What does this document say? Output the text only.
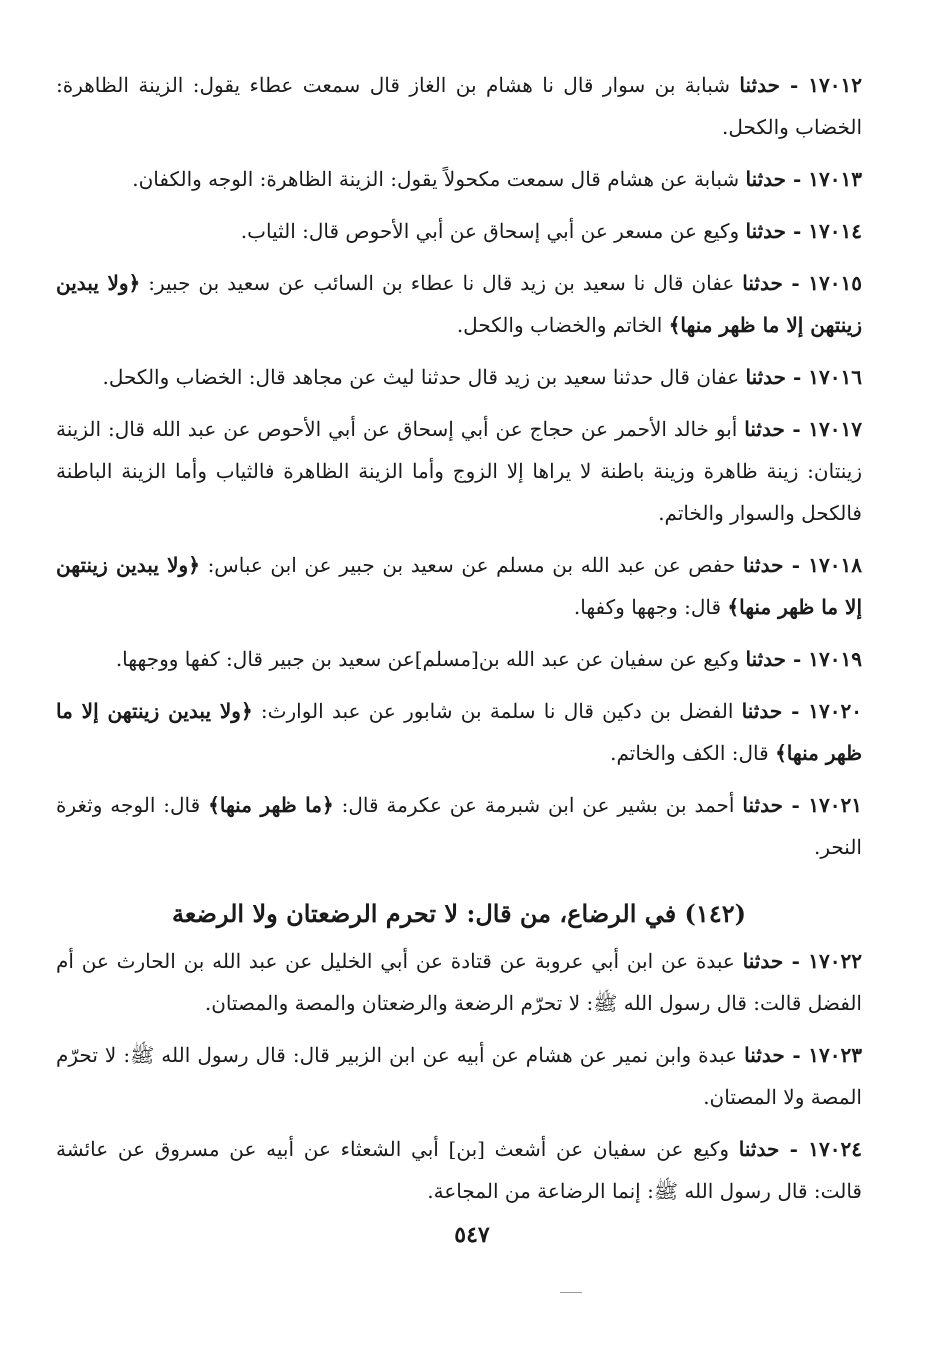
١٧٠١٢ - حدثنا شبابة بن سوار قال نا هشام بن الغاز قال سمعت عطاء يقول: الزينة الظاهرة: الخضاب والكحل.

١٧٠١٣ - حدثنا شبابة عن هشام قال سمعت مكحولاً يقول: الزينة الظاهرة: الوجه والكفان.

١٧٠١٤ - حدثنا وكيع عن مسعر عن أبي إسحاق عن أبي الأحوص قال: الثياب.

١٧٠١٥ - حدثنا عفان قال نا سعيد بن زيد قال نا عطاء بن السائب عن سعيد بن جبير: ﴿ولا يبدين زينتهن إلا ما ظهر منها﴾ الخاتم والخضاب والكحل.

١٧٠١٦ - حدثنا عفان قال حدثنا سعيد بن زيد قال حدثنا ليث عن مجاهد قال: الخضاب والكحل.

١٧٠١٧ - حدثنا أبو خالد الأحمر عن حجاج عن أبي إسحاق عن أبي الأحوص عن عبد الله قال: الزينة زينتان: زينة ظاهرة وزينة باطنة لا يراها إلا الزوج وأما الزينة الظاهرة فالثياب وأما الزينة الباطنة فالكحل والسوار والخاتم.

١٧٠١٨ - حدثنا حفص عن عبد الله بن مسلم عن سعيد بن جبير عن ابن عباس: ﴿ولا يبدين زينتهن إلا ما ظهر منها﴾ قال: وجهها وكفها.

١٧٠١٩ - حدثنا وكيع عن سفيان عن عبد الله بن[مسلم]عن سعيد بن جبير قال: كفها ووجهها.

١٧٠٢٠ - حدثنا الفضل بن دكين قال نا سلمة بن شابور عن عبد الوارث: ﴿ولا يبدين زينتهن إلا ما ظهر منها﴾ قال: الكف والخاتم.

١٧٠٢١ - حدثنا أحمد بن بشير عن ابن شبرمة عن عكرمة قال: ﴿ما ظهر منها﴾ قال: الوجه وثغرة النحر.

(١٤٢) في الرضاع، من قال: لا تحرم الرضعتان ولا الرضعة

١٧٠٢٢ - حدثنا عبدة عن ابن أبي عروبة عن قتادة عن أبي الخليل عن عبد الله بن الحارث عن أم الفضل قالت: قال رسول الله ﷺ: لا تحرّم الرضعة والرضعتان والمصة والمصتان.

١٧٠٢٣ - حدثنا عبدة وابن نمير عن هشام عن أبيه عن ابن الزبير قال: قال رسول الله ﷺ: لا تحرّم المصة ولا المصتان.

١٧٠٢٤ - حدثنا وكيع عن سفيان عن أشعث [بن] أبي الشعثاء عن أبيه عن مسروق عن عائشة قالت: قال رسول الله ﷺ: إنما الرضاعة من المجاعة.

٥٤٧
